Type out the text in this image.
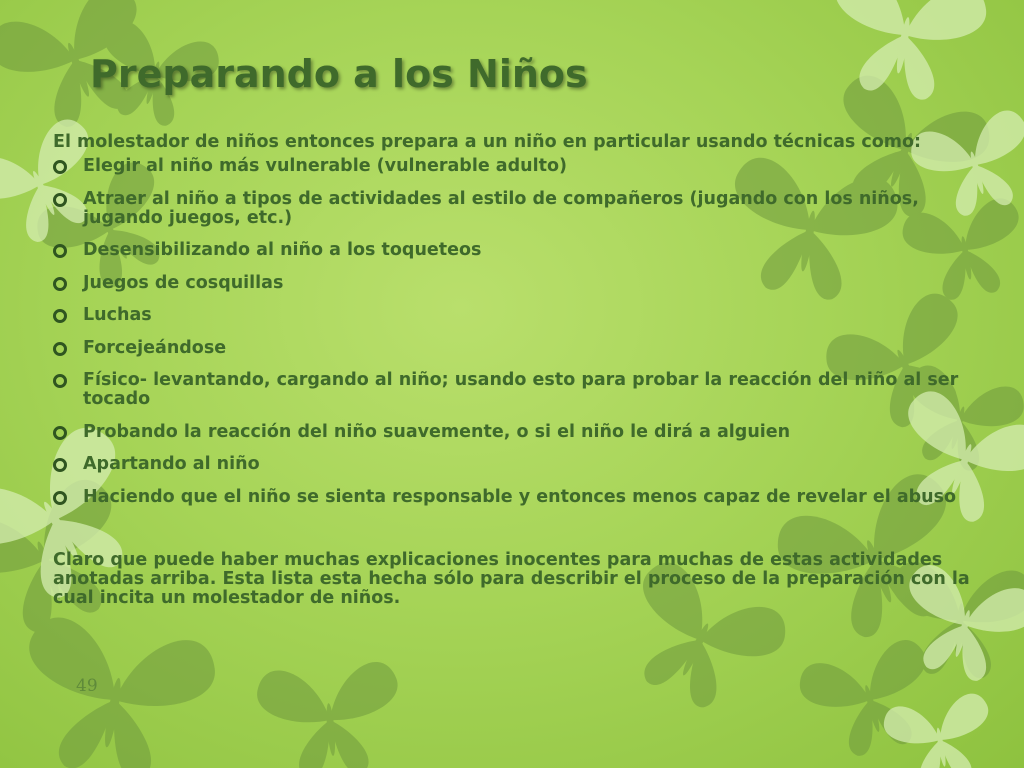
Preparando a los Niños

El molestador de niños entonces prepara a un niño en particular usando técnicas como:

Elegir al niño más vulnerable (vulnerable adulto)
Atraer al niño a tipos de actividades al estilo de compañeros (jugando con los niños, jugando juegos, etc.)
Desensibilizando al niño a los toqueteos
Juegos de cosquillas
Luchas
Forcejeándose
Físico- levantando, cargando al niño; usando esto para probar la reacción del niño al ser tocado
Probando la reacción del niño suavemente, o si el niño le dirá a alguien
Apartando al niño
Haciendo que el niño se sienta responsable y entonces menos capaz de revelar el abuso

Claro que puede haber muchas explicaciones inocentes para muchas de estas actividades anotadas arriba. Esta lista esta hecha sólo para describir el proceso de la preparación con la cual incita un molestador de niños.

49
